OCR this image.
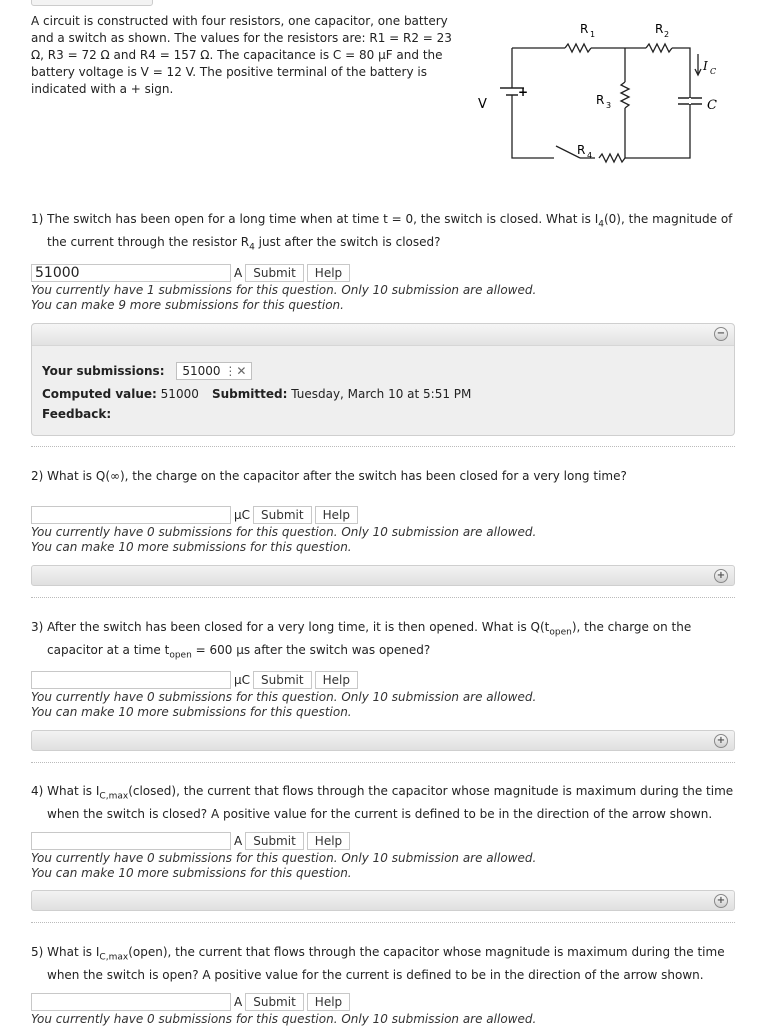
A circuit is constructed with four resistors, one capacitor, one battery and a switch as shown. The values for the resistors are: R1 = R2 = 23 Ω, R3 = 72 Ω and R4 = 157 Ω. The capacitance is C = 80 μF and the battery voltage is V = 12 V. The positive terminal of the battery is indicated with a + sign.
R 1	R 2
R 3
R 4
I C
C
V
+
1) The switch has been open for a long time when at time t = 0, the switch is closed. What is $I_4(0)$, the magnitude of the current through the resistor $R_4$ just after the switch is closed?
51000
A Submit	Help
You currently have 1 submissions for this question. Only 10 submission are allowed.
You can make 9 more submissions for this question.
−
Your submissions: 51000 ⋮✕
Computed value: 51000 Submitted: Tuesday, March 10 at 5:51 PM
Feedback:
2) What is Q(∞), the charge on the capacitor after the switch has been closed for a very long time?
μC Submit	Help
You currently have 0 submissions for this question. Only 10 submission are allowed.
You can make 10 more submissions for this question.
+
3) After the switch has been closed for a very long time, it is then opened. What is $Q(t_{open})$, the charge on the capacitor at a time $t_{open} = 600$ μs after the switch was opened?
μC Submit	Help
You currently have 0 submissions for this question. Only 10 submission are allowed.
You can make 10 more submissions for this question.
+
4) What is $I_{C,max}(closed)$, the current that flows through the capacitor whose magnitude is maximum during the time when the switch is closed? A positive value for the current is defined to be in the direction of the arrow shown.
A Submit	Help
You currently have 0 submissions for this question. Only 10 submission are allowed.
You can make 10 more submissions for this question.
+
5) What is $I_{C,max}(open)$, the current that flows through the capacitor whose magnitude is maximum during the time when the switch is open? A positive value for the current is defined to be in the direction of the arrow shown.
A Submit	Help
You currently have 0 submissions for this question. Only 10 submission are allowed.
